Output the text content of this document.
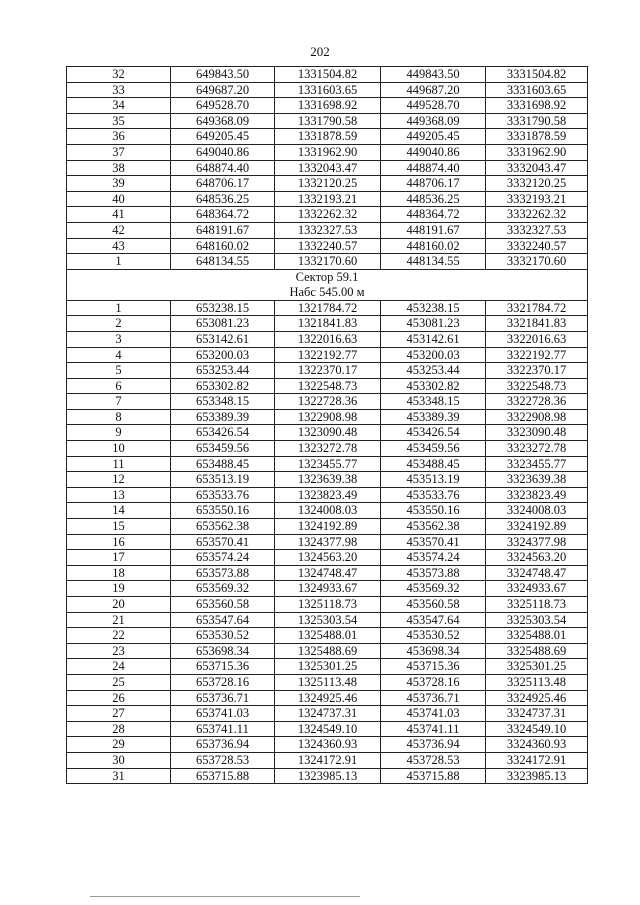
202
32	649843.50	1331504.82	449843.50	3331504.82
33	649687.20	1331603.65	449687.20	3331603.65
34	649528.70	1331698.92	449528.70	3331698.92
35	649368.09	1331790.58	449368.09	3331790.58
36	649205.45	1331878.59	449205.45	3331878.59
37	649040.86	1331962.90	449040.86	3331962.90
38	648874.40	1332043.47	448874.40	3332043.47
39	648706.17	1332120.25	448706.17	3332120.25
40	648536.25	1332193.21	448536.25	3332193.21
41	648364.72	1332262.32	448364.72	3332262.32
42	648191.67	1332327.53	448191.67	3332327.53
43	648160.02	1332240.57	448160.02	3332240.57
1	648134.55	1332170.60	448134.55	3332170.60

Сектор 59.1
Набс 545.00 м				

1	653238.15	1321784.72	453238.15	3321784.72
2	653081.23	1321841.83	453081.23	3321841.83
3	653142.61	1322016.63	453142.61	3322016.63
4	653200.03	1322192.77	453200.03	3322192.77
5	653253.44	1322370.17	453253.44	3322370.17
6	653302.82	1322548.73	453302.82	3322548.73
7	653348.15	1322728.36	453348.15	3322728.36
8	653389.39	1322908.98	453389.39	3322908.98
9	653426.54	1323090.48	453426.54	3323090.48
10	653459.56	1323272.78	453459.56	3323272.78
11	653488.45	1323455.77	453488.45	3323455.77
12	653513.19	1323639.38	453513.19	3323639.38
13	653533.76	1323823.49	453533.76	3323823.49
14	653550.16	1324008.03	453550.16	3324008.03
15	653562.38	1324192.89	453562.38	3324192.89
16	653570.41	1324377.98	453570.41	3324377.98
17	653574.24	1324563.20	453574.24	3324563.20
18	653573.88	1324748.47	453573.88	3324748.47
19	653569.32	1324933.67	453569.32	3324933.67
20	653560.58	1325118.73	453560.58	3325118.73
21	653547.64	1325303.54	453547.64	3325303.54
22	653530.52	1325488.01	453530.52	3325488.01
23	653698.34	1325488.69	453698.34	3325488.69
24	653715.36	1325301.25	453715.36	3325301.25
25	653728.16	1325113.48	453728.16	3325113.48
26	653736.71	1324925.46	453736.71	3324925.46
27	653741.03	1324737.31	453741.03	3324737.31
28	653741.11	1324549.10	453741.11	3324549.10
29	653736.94	1324360.93	453736.94	3324360.93
30	653728.53	1324172.91	453728.53	3324172.91
31	653715.88	1323985.13	453715.88	3323985.13
